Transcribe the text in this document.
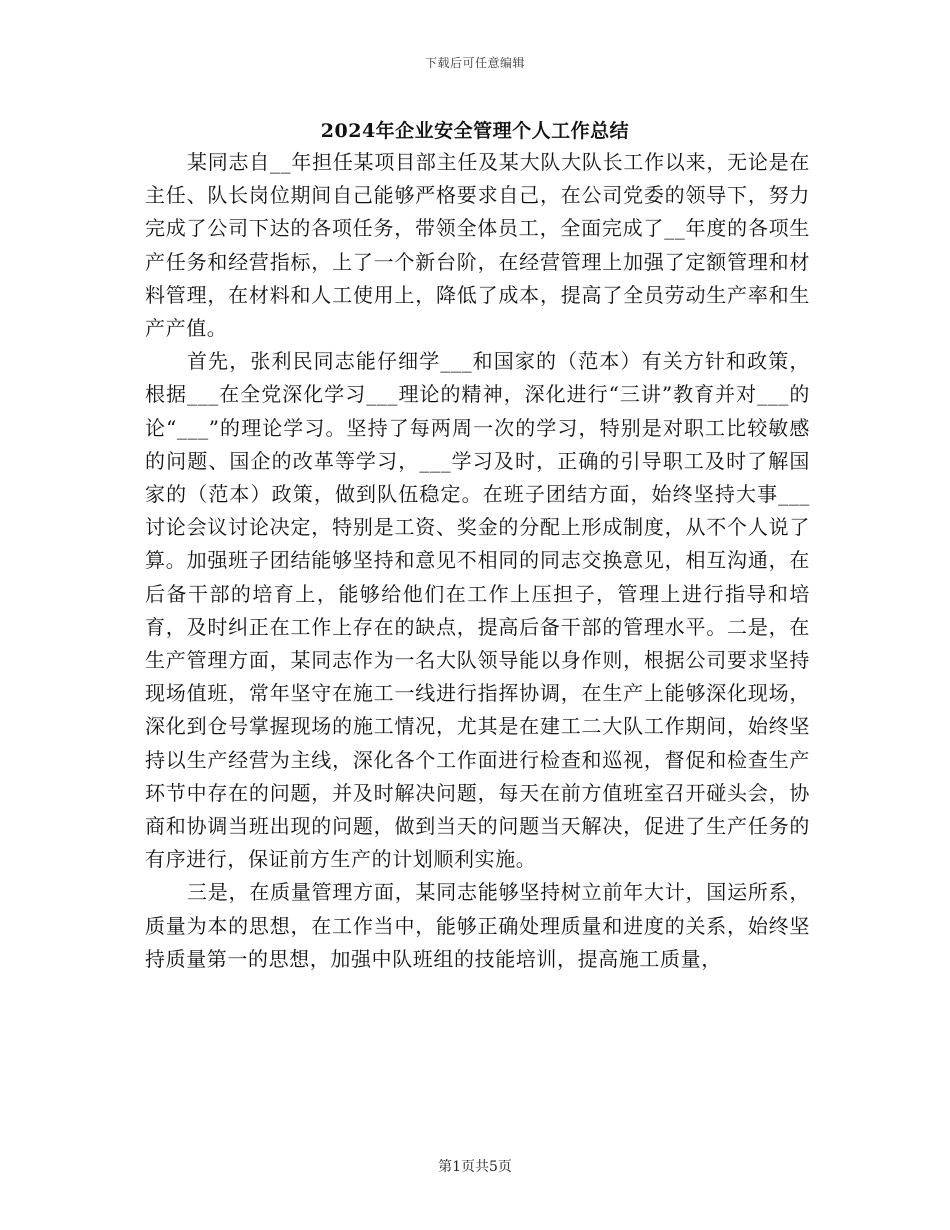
下载后可任意编辑
2024年企业安全管理个人工作总结

某同志自__年担任某项目部主任及某大队大队长工作以来，无论是在主任、队长岗位期间自己能够严格要求自己，在公司党委的领导下，努力完成了公司下达的各项任务，带领全体员工，全面完成了__年度的各项生产任务和经营指标，上了一个新台阶，在经营管理上加强了定额管理和材料管理，在材料和人工使用上，降低了成本，提高了全员劳动生产率和生产产值。

首先，张利民同志能仔细学___和国家的（范本）有关方针和政策，根据___在全党深化学习___理论的精神，深化进行“三讲”教育并对___的论“___”的理论学习。坚持了每两周一次的学习，特别是对职工比较敏感的问题、国企的改革等学习，___学习及时，正确的引导职工及时了解国家的（范本）政策，做到队伍稳定。在班子团结方面，始终坚持大事___讨论会议讨论决定，特别是工资、奖金的分配上形成制度，从不个人说了算。加强班子团结能够坚持和意见不相同的同志交换意见，相互沟通，在后备干部的培育上，能够给他们在工作上压担子，管理上进行指导和培育，及时纠正在工作上存在的缺点，提高后备干部的管理水平。二是，在生产管理方面，某同志作为一名大队领导能以身作则，根据公司要求坚持现场值班，常年坚守在施工一线进行指挥协调，在生产上能够深化现场，深化到仓号掌握现场的施工情况，尤其是在建工二大队工作期间，始终坚持以生产经营为主线，深化各个工作面进行检查和巡视，督促和检查生产环节中存在的问题，并及时解决问题，每天在前方值班室召开碰头会，协商和协调当班出现的问题，做到当天的问题当天解决，促进了生产任务的有序进行，保证前方生产的计划顺利实施。

三是，在质量管理方面，某同志能够坚持树立前年大计，国运所系，质量为本的思想，在工作当中，能够正确处理质量和进度的关系，始终坚持质量第一的思想，加强中队班组的技能培训，提高施工质量，

第1页共5页
